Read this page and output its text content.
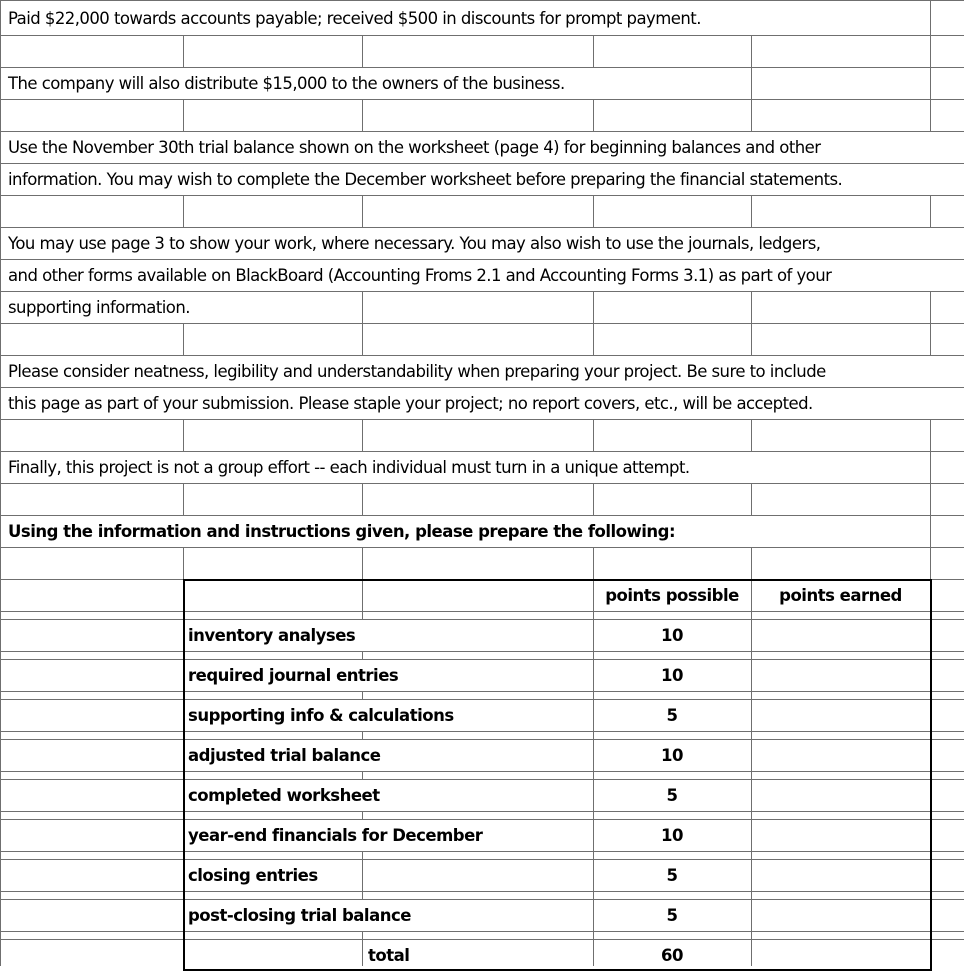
Paid $22,000 towards accounts payable; received $500 in discounts for prompt payment.
The company will also distribute $15,000 to the owners of the business.
Use the November 30th trial balance shown on the worksheet (page 4) for beginning balances and other
information. You may wish to complete the December worksheet before preparing the financial statements.
You may use page 3 to show your work, where necessary. You may also wish to use the journals, ledgers,
and other forms available on BlackBoard (Accounting Froms 2.1 and Accounting Forms 3.1) as part of your
supporting information.
Please consider neatness, legibility and understandability when preparing your project. Be sure to include
this page as part of your submission. Please staple your project; no report covers, etc., will be accepted.
Finally, this project is not a group effort -- each individual must turn in a unique attempt.
Using the information and instructions given, please prepare the following:
points possible	points earned
inventory analyses	10
required journal entries	10
supporting info & calculations	5
adjusted trial balance	10
completed worksheet	5
year-end financials for December	10
closing entries	5
post-closing trial balance	5
total	60
